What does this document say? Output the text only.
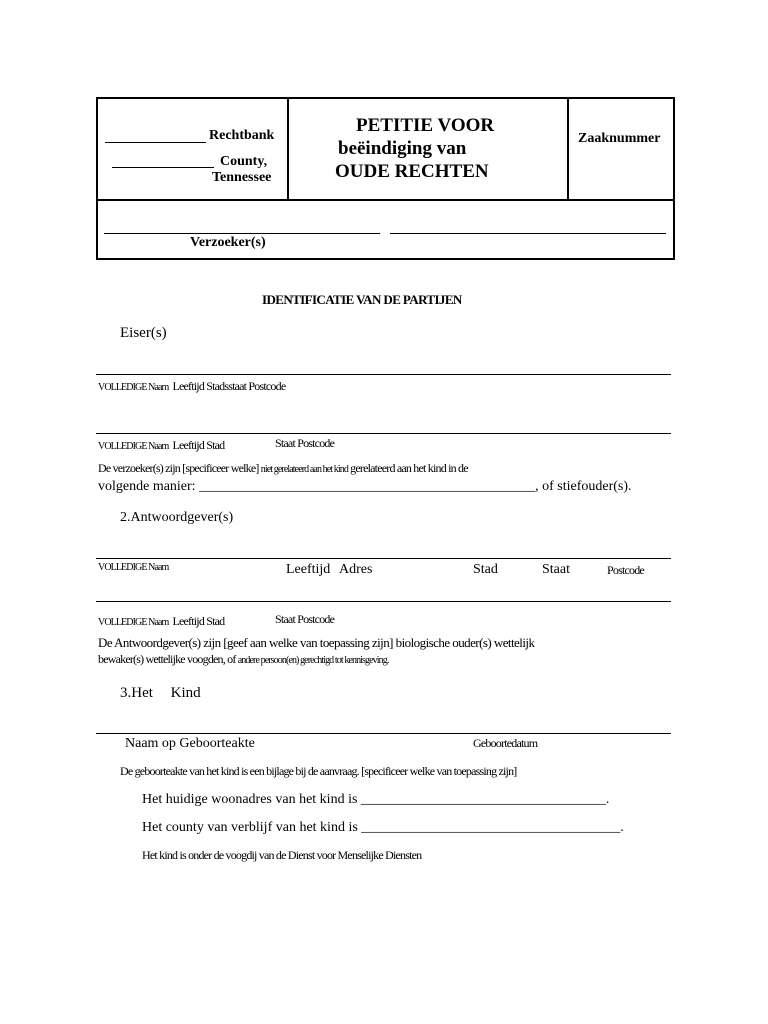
Rechtbank
County,
Tennessee
PETITIE VOOR
beëindiging van
OUDE RECHTEN
Zaaknummer
Verzoeker(s)
IDENTIFICATIE VAN DE PARTIJEN
Eiser(s)
VOLLEDIGE Naam Leeftijd Stadsstaat Postcode
VOLLEDIGE Naam Leeftijd Stad	Staat Postcode
De verzoeker(s) zijn [specificeer welke] niet gerelateerd aan het kind gerelateerd aan het kind in de
volgende manier: ________________________________________________, of stiefouder(s).
2.Antwoordgever(s)
VOLLEDIGE Naam	Leeftijd Adres	Stad	Staat	Postcode
VOLLEDIGE Naam Leeftijd Stad	Staat Postcode
De Antwoordgever(s) zijn [geef aan welke van toepassing zijn] biologische ouder(s) wettelijk
bewaker(s) wettelijke voogden, of andere persoon(en) gerechtigd tot kennisgeving.
3.Het Kind
Naam op Geboorteakte	Geboortedatum
De geboorteakte van het kind is een bijlage bij de aanvraag. [specificeer welke van toepassing zijn]
Het huidige woonadres van het kind is ___________________________________.
Het county van verblijf van het kind is _____________________________________.
Het kind is onder de voogdij van de Dienst voor Menselijke Diensten
